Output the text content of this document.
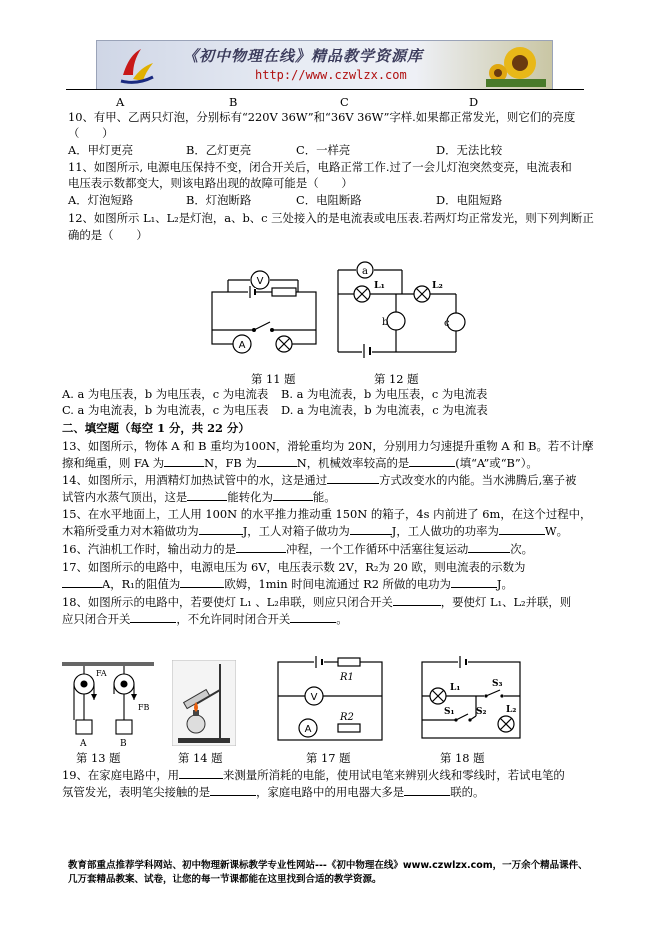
《初中物理在线》精品教学资源库
http://www.czwlzx.com
A	B	C	D
10、有甲、乙两只灯泡，分别标有“220V 36W”和“36V 36W”字样.如果都正常发光，则它们的亮度
（　　）
A．甲灯更亮	B．乙灯更亮	C．一样亮	D．无法比较
11、如图所示, 电源电压保持不变，闭合开关后，电路正常工作.过了一会儿灯泡突然变亮，电流表和
电压表示数都变大，则该电路出现的故障可能是（　　）
A．灯泡短路	B．灯泡断路	C．电阻断路	D．电阻短路
12、如图所示 L₁、L₂是灯泡，a、b、c 三处接入的是电流表或电压表.若两灯均正常发光，则下列判断正
确的是（　　）
V
A
a
L₁	L₂
b	c
第 11 题	第 12 题
A. a 为电压表，b 为电压表，c 为电流表 B. a 为电流表，b 为电压表，c 为电流表
C. a 为电流表，b 为电流表，c 为电压表 D. a 为电流表，b 为电流表，c 为电流表
二、填空题（每空 1 分，共 22 分）
13、如图所示，物体 A 和 B 重均为100N，滑轮重均为 20N，分别用力匀速提升重物 A 和 B。若不计摩
擦和绳重，则 FA 为	N，FB 为	N，机械效率较高的是	(填“A”或“B”）。
14、如图所示，用酒精灯加热试管中的水，这是通过	方式改变水的内能。当水沸腾后,塞子被
试管内水蒸气顶出，这是	能转化为	能。
15、在水平地面上，工人用 100N 的水平推力推动重 150N 的箱子，4s 内前进了 6m，在这个过程中，
木箱所受重力对木箱做功为	J，工人对箱子做功为	J，工人做功的功率为	W。
16、汽油机工作时，输出动力的是	冲程，一个工作循环中活塞往复运动	次。
17、如图所示的电路中，电源电压为 6V，电压表示数 2V，R₂为 20 欧，则电流表的示数为
A，R₁的阻值为	欧姆，1min 时间电流通过 R2 所做的电功为	J。
18、如图所示的电路中，若要使灯 L₁ 、L₂串联，则应只闭合开关	，要使灯 L₁、L₂并联，则
应只闭合开关	，不允许同时闭合开关	。
FA
FB
A	B
R1
V
A
R2
L₁	S₃
S₁ S₂ L₂
第 13 题	第 14 题	第 17 题	第 18 题
19、在家庭电路中，用	来测量所消耗的电能，使用试电笔来辨别火线和零线时，若试电笔的
氖管发光，表明笔尖接触的是	，家庭电路中的用电器大多是	联的。
教育部重点推荐学科网站、初中物理新课标教学专业性网站---《初中物理在线》www.czwlzx.com，一万余个精品课件、
几万套精品教案、试卷，让您的每一节课都能在这里找到合适的教学资源。
